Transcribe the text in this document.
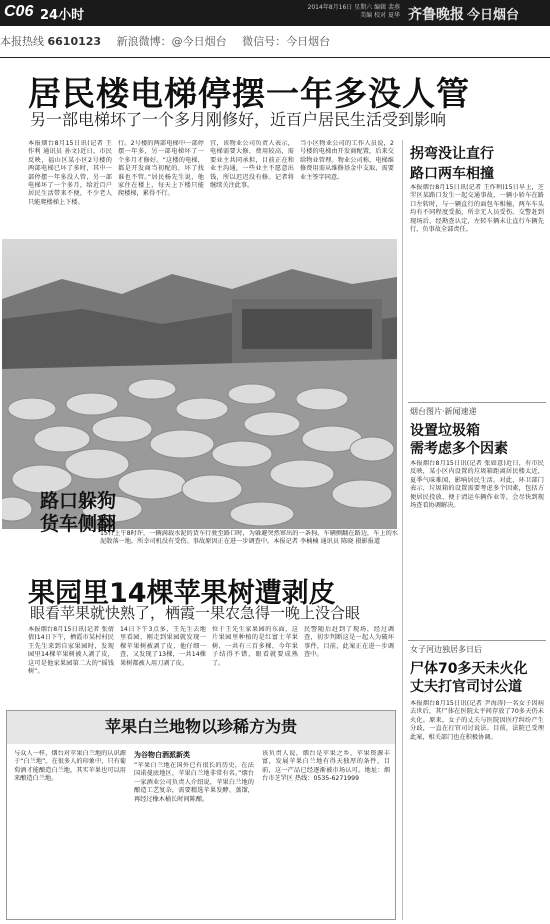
C06 24小时
2014年8月16日 星期六 编辑 裴燕 美编 校对 夏华 齐鲁晚报 今日烟台
本报热线 6610123 新浪微博：@今日烟台 微信号：今日烟台
居民楼电梯停摆一年多没人管
另一部电梯坏了一个多月刚修好，近百户居民生活受到影响
本报烟台8月15日讯(记者 王作利 通讯员 孙文)近日，市民反映，福山区某小区2号楼的两部电梯已坏了多时，其中一部停摆一年多没人管，另一部电梯坏了一个多月，给近百户居民生活带来不便，不少老人只能爬楼梯上下楼。
行。2号楼的两部电梯中一部停摆一年多，另一部电梯坏了一个多月才修好。“这楼的电梯，都是开发商当初配的，坏了找谁也不管。”居民杨先生说，他家住在楼上，每天上下楼只能爬楼梯，累得不行。
宜，该物业公司负责人表示，电梯需要大修，费用较高，需要业主共同承担，目前正在和业主沟通，一些业主不愿意出钱，所以迟迟没有修。记者将继续关注此事。
当小区物业公司的工作人员说，2号楼的电梯由开发商配置，后来交给物业管理。物业公司称，电梯维修费用需从维修基金中支取，需要业主签字同意。
路口躲狗
货车侧翻
15日上午8时许，一辆满载水泥的货车行驶至路口时，为躲避突然窜出的一条狗，车辆侧翻在路边，车上的水泥散落一地。所幸司机没有受伤。事故原因正在进一步调查中。本报记者 李楠楠 通讯员 陈晓 摄影报道
果园里14棵苹果树遭剥皮
眼看苹果就快熟了，栖霞一果农急得一晚上没合眼
本报烟台8月15日讯(记者 张倩倩)14日下午，栖霞市某村村民王先生来到自家果园时，发现园里14棵苹果树被人剥了皮，这可是他家果园第二大的“摇钱树”。
14日下午3点多，王先生去地里看园，刚走到果园就发现一棵苹果树被剥了皮，他仔细一查，又发现了13棵，一共14棵果树都被人用刀剥了皮。
位于王先生家果园的东面，这片果园里种植的是红富士苹果树，一共有三百多棵，今年果子结得不错，眼看就要成熟了。
民警随后赶到了现场，经过调查，初步判断这是一起人为破坏事件，目前，此案正在进一步调查中。
苹果白兰地物以珍稀方为贵
与众人一样，烟台对苹果白兰地的认识源于“白兰地”。在很多人的印象中，只有葡萄酒才能酿造白兰地，其实苹果也可以用来酿造白兰地。
为谷物白酒派新类
“苹果白兰地在国外已有很长的历史，在法国诺曼底地区，苹果白兰地非常有名。”烟台一家酒业公司负责人介绍说，苹果白兰地的酿造工艺复杂，需要精选苹果发酵、蒸馏，再经过橡木桶长时间陈酿。
该负责人说，烟台是苹果之乡，苹果资源丰富，发展苹果白兰地有得天独厚的条件，目前，这一产品已经逐渐被市场认可。地址：烟台市芝罘区 热线：0535-6271999
拐弯没让直行
路口两车相撞
本报烟台8月15日讯(记者 王作利)15日早上，芝罘区某路口发生一起交通事故，一辆小轿车在路口左转时，与一辆直行的面包车相撞，两车车头均有不同程度受损，所幸无人员受伤。交警赶到现场后，经勘查认定，左转车辆未让直行车辆先行，负事故全部责任。
烟台图片·新闻速递
设置垃圾箱
需考虑多个因素
本报烟台8月15日讯(记者 张如意)近日，有市民反映，某小区内设置的垃圾箱距离居民楼太近，夏季气味难闻，影响居民生活。对此，环卫部门表示，垃圾箱的设置需要考虑多个因素，包括方便居民投放、便于清运车辆作业等，会尽快到现场查看协调解决。
女子河边独居多日后
尸体70多天未火化
丈夫打官司讨公道
本报烟台8月15日讯(记者 尹海涛)一名女子因病去世后，其尸体在医院太平间存放了70多天仍未火化。原来，女子的丈夫与医院因医疗纠纷产生分歧，一直在打官司讨说法。目前，法院已受理此案，相关部门也在积极协调。
